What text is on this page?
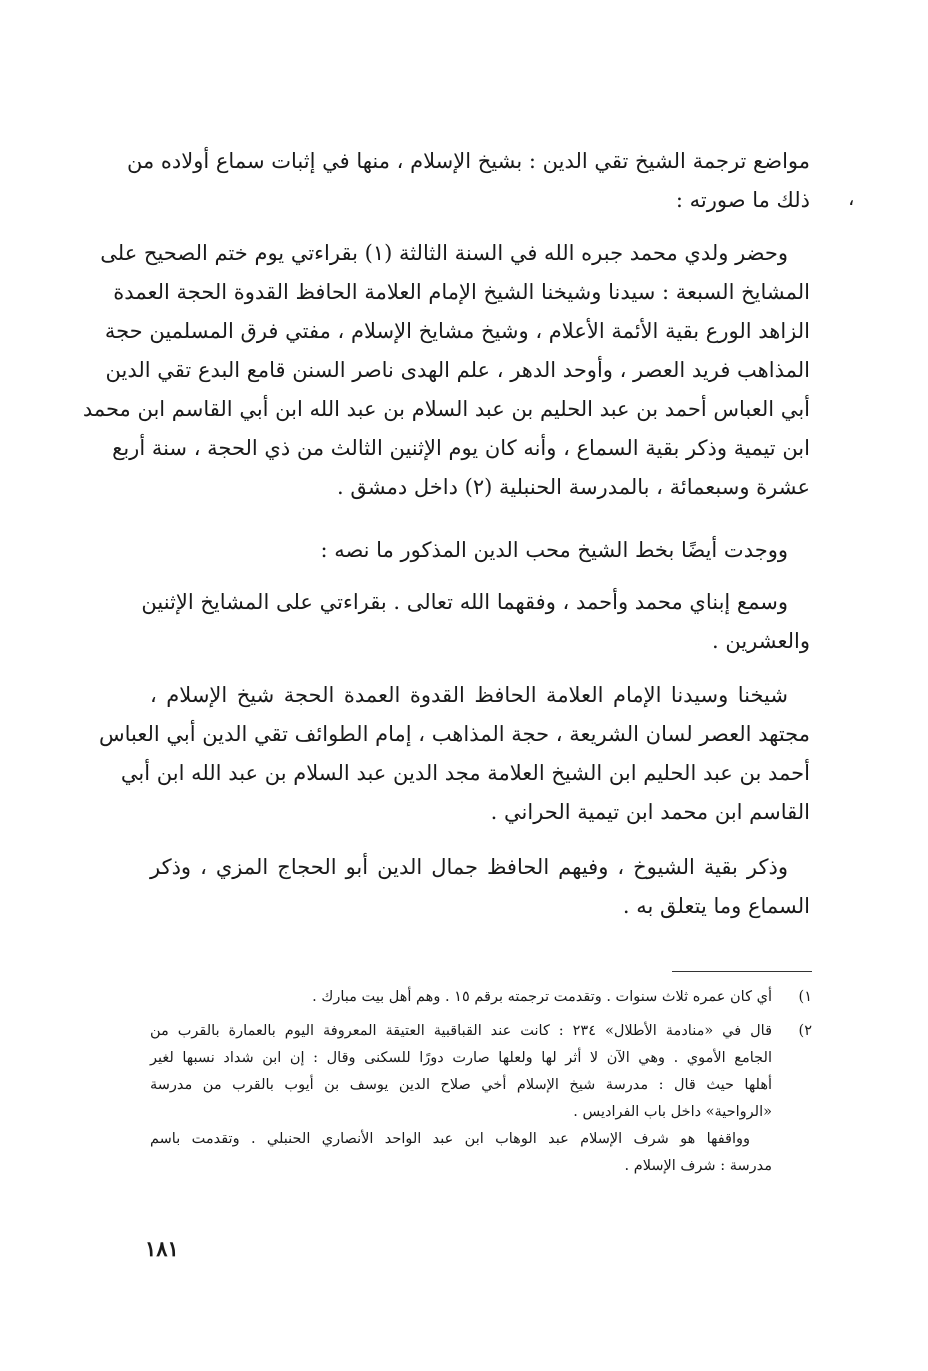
مواضع ترجمة الشيخ تقي الدين : بشيخ الإسلام ، منها في إثبات سماع أولاده من
ذلك ما صورته : ،
وحضر ولدي محمد جبره الله في السنة الثالثة (١) بقراءتي يوم ختم الصحيح على
المشايخ السبعة : سيدنا وشيخنا الشيخ الإمام العلامة الحافظ القدوة الحجة العمدة
الزاهد الورع بقية الأئمة الأعلام ، وشيخ مشايخ الإسلام ، مفتي فرق المسلمين حجة
المذاهب فريد العصر ، وأوحد الدهر ، علم الهدى ناصر السنن قامع البدع تقي الدين
أبي العباس أحمد بن عبد الحليم بن عبد السلام بن عبد الله ابن أبي القاسم ابن محمد
ابن تيمية وذكر بقية السماع ، وأنه كان يوم الإثنين الثالث من ذي الحجة ، سنة أربع
عشرة وسبعمائة ، بالمدرسة الحنبلية (٢) داخل دمشق .
ووجدت أيضًا بخط الشيخ محب الدين المذكور ما نصه :
وسمع إبناي محمد وأحمد ، وفقهما الله تعالى . بقراءتي على المشايخ الإثنين
والعشرين .
شيخنا وسيدنا الإمام العلامة الحافظ القدوة العمدة الحجة شيخ الإسلام ،
مجتهد العصر لسان الشريعة ، حجة المذاهب ، إمام الطوائف تقي الدين أبي العباس
أحمد بن عبد الحليم ابن الشيخ العلامة مجد الدين عبد السلام بن عبد الله ابن أبي
القاسم ابن محمد ابن تيمية الحراني .
وذكر بقية الشيوخ ، وفيهم الحافظ جمال الدين أبو الحجاج المزي ، وذكر
السماع وما يتعلق به .
١)أي كان عمره ثلاث سنوات . وتقدمت ترجمته برقم ١٥ . وهم أهل بيت مبارك .
٢)قال في «منادمة الأطلال» ٢٣٤ : كانت عند القباقبية العتيقة المعروفة اليوم بالعمارة بالقرب من
الجامع الأموي . وهي الآن لا أثر لها ولعلها صارت دورًا للسكنى وقال : إن ابن شداد نسبها لغير
أهلها حيث قال : مدرسة شيخ الإسلام أخي صلاح الدين يوسف بن أيوب بالقرب من مدرسة
«الرواحية» داخل باب الفراديس .
وواقفها هو شرف الإسلام عبد الوهاب ابن عبد الواحد الأنصاري الحنبلي . وتقدمت باسم
مدرسة : شرف الإسلام .
١٨١
